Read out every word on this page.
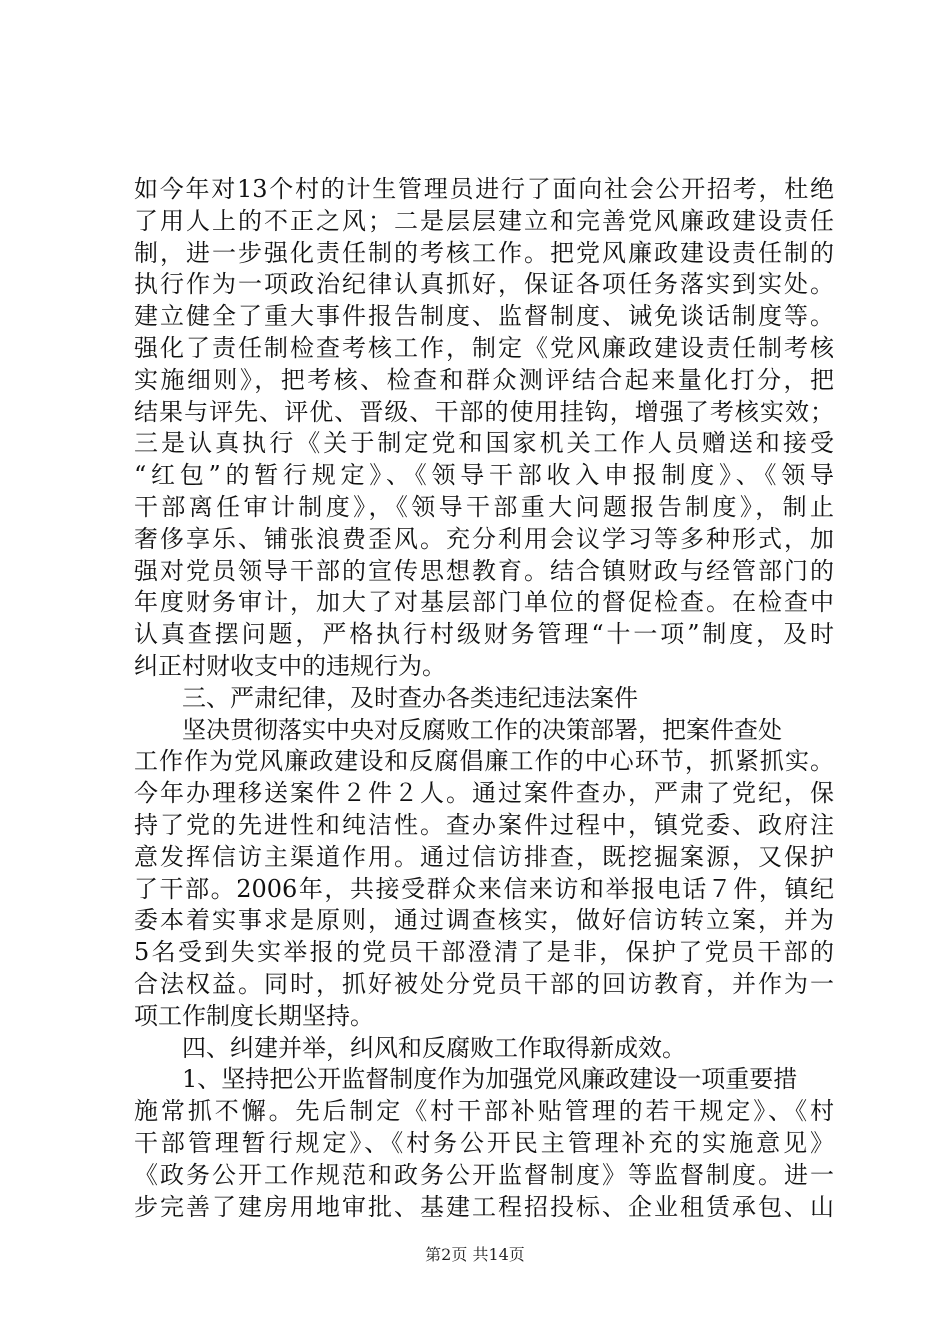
如今年对13个村的计生管理员进行了面向社会公开招考，杜绝
了用人上的不正之风；二是层层建立和完善党风廉政建设责任
制，进一步强化责任制的考核工作。把党风廉政建设责任制的
执行作为一项政治纪律认真抓好，保证各项任务落实到实处。
建立健全了重大事件报告制度、监督制度、诫免谈话制度等。
强化了责任制检查考核工作，制定《党风廉政建设责任制考核
实施细则》，把考核、检查和群众测评结合起来量化打分，把
结果与评先、评优、晋级、干部的使用挂钩，增强了考核实效；
三是认真执行《关于制定党和国家机关工作人员赠送和接受
“红包”的暂行规定》、《领导干部收入申报制度》、《领导
干部离任审计制度》，《领导干部重大问题报告制度》，制止
奢侈享乐、铺张浪费歪风。充分利用会议学习等多种形式，加
强对党员领导干部的宣传思想教育。结合镇财政与经管部门的
年度财务审计，加大了对基层部门单位的督促检查。在检查中
认真查摆问题，严格执行村级财务管理“十一项”制度，及时
纠正村财收支中的违规行为。
三、严肃纪律，及时查办各类违纪违法案件
坚决贯彻落实中央对反腐败工作的决策部署，把案件查处
工作作为党风廉政建设和反腐倡廉工作的中心环节，抓紧抓实。
今年办理移送案件２件２人。通过案件查办，严肃了党纪，保
持了党的先进性和纯洁性。查办案件过程中，镇党委、政府注
意发挥信访主渠道作用。通过信访排查，既挖掘案源，又保护
了干部。2006年，共接受群众来信来访和举报电话７件，镇纪
委本着实事求是原则，通过调查核实，做好信访转立案，并为
5名受到失实举报的党员干部澄清了是非，保护了党员干部的
合法权益。同时，抓好被处分党员干部的回访教育，并作为一
项工作制度长期坚持。
四、纠建并举，纠风和反腐败工作取得新成效。
1、坚持把公开监督制度作为加强党风廉政建设一项重要措
施常抓不懈。先后制定《村干部补贴管理的若干规定》、《村
干部管理暂行规定》、《村务公开民主管理补充的实施意见》
《政务公开工作规范和政务公开监督制度》等监督制度。进一
步完善了建房用地审批、基建工程招投标、企业租赁承包、山
第2页 共14页
